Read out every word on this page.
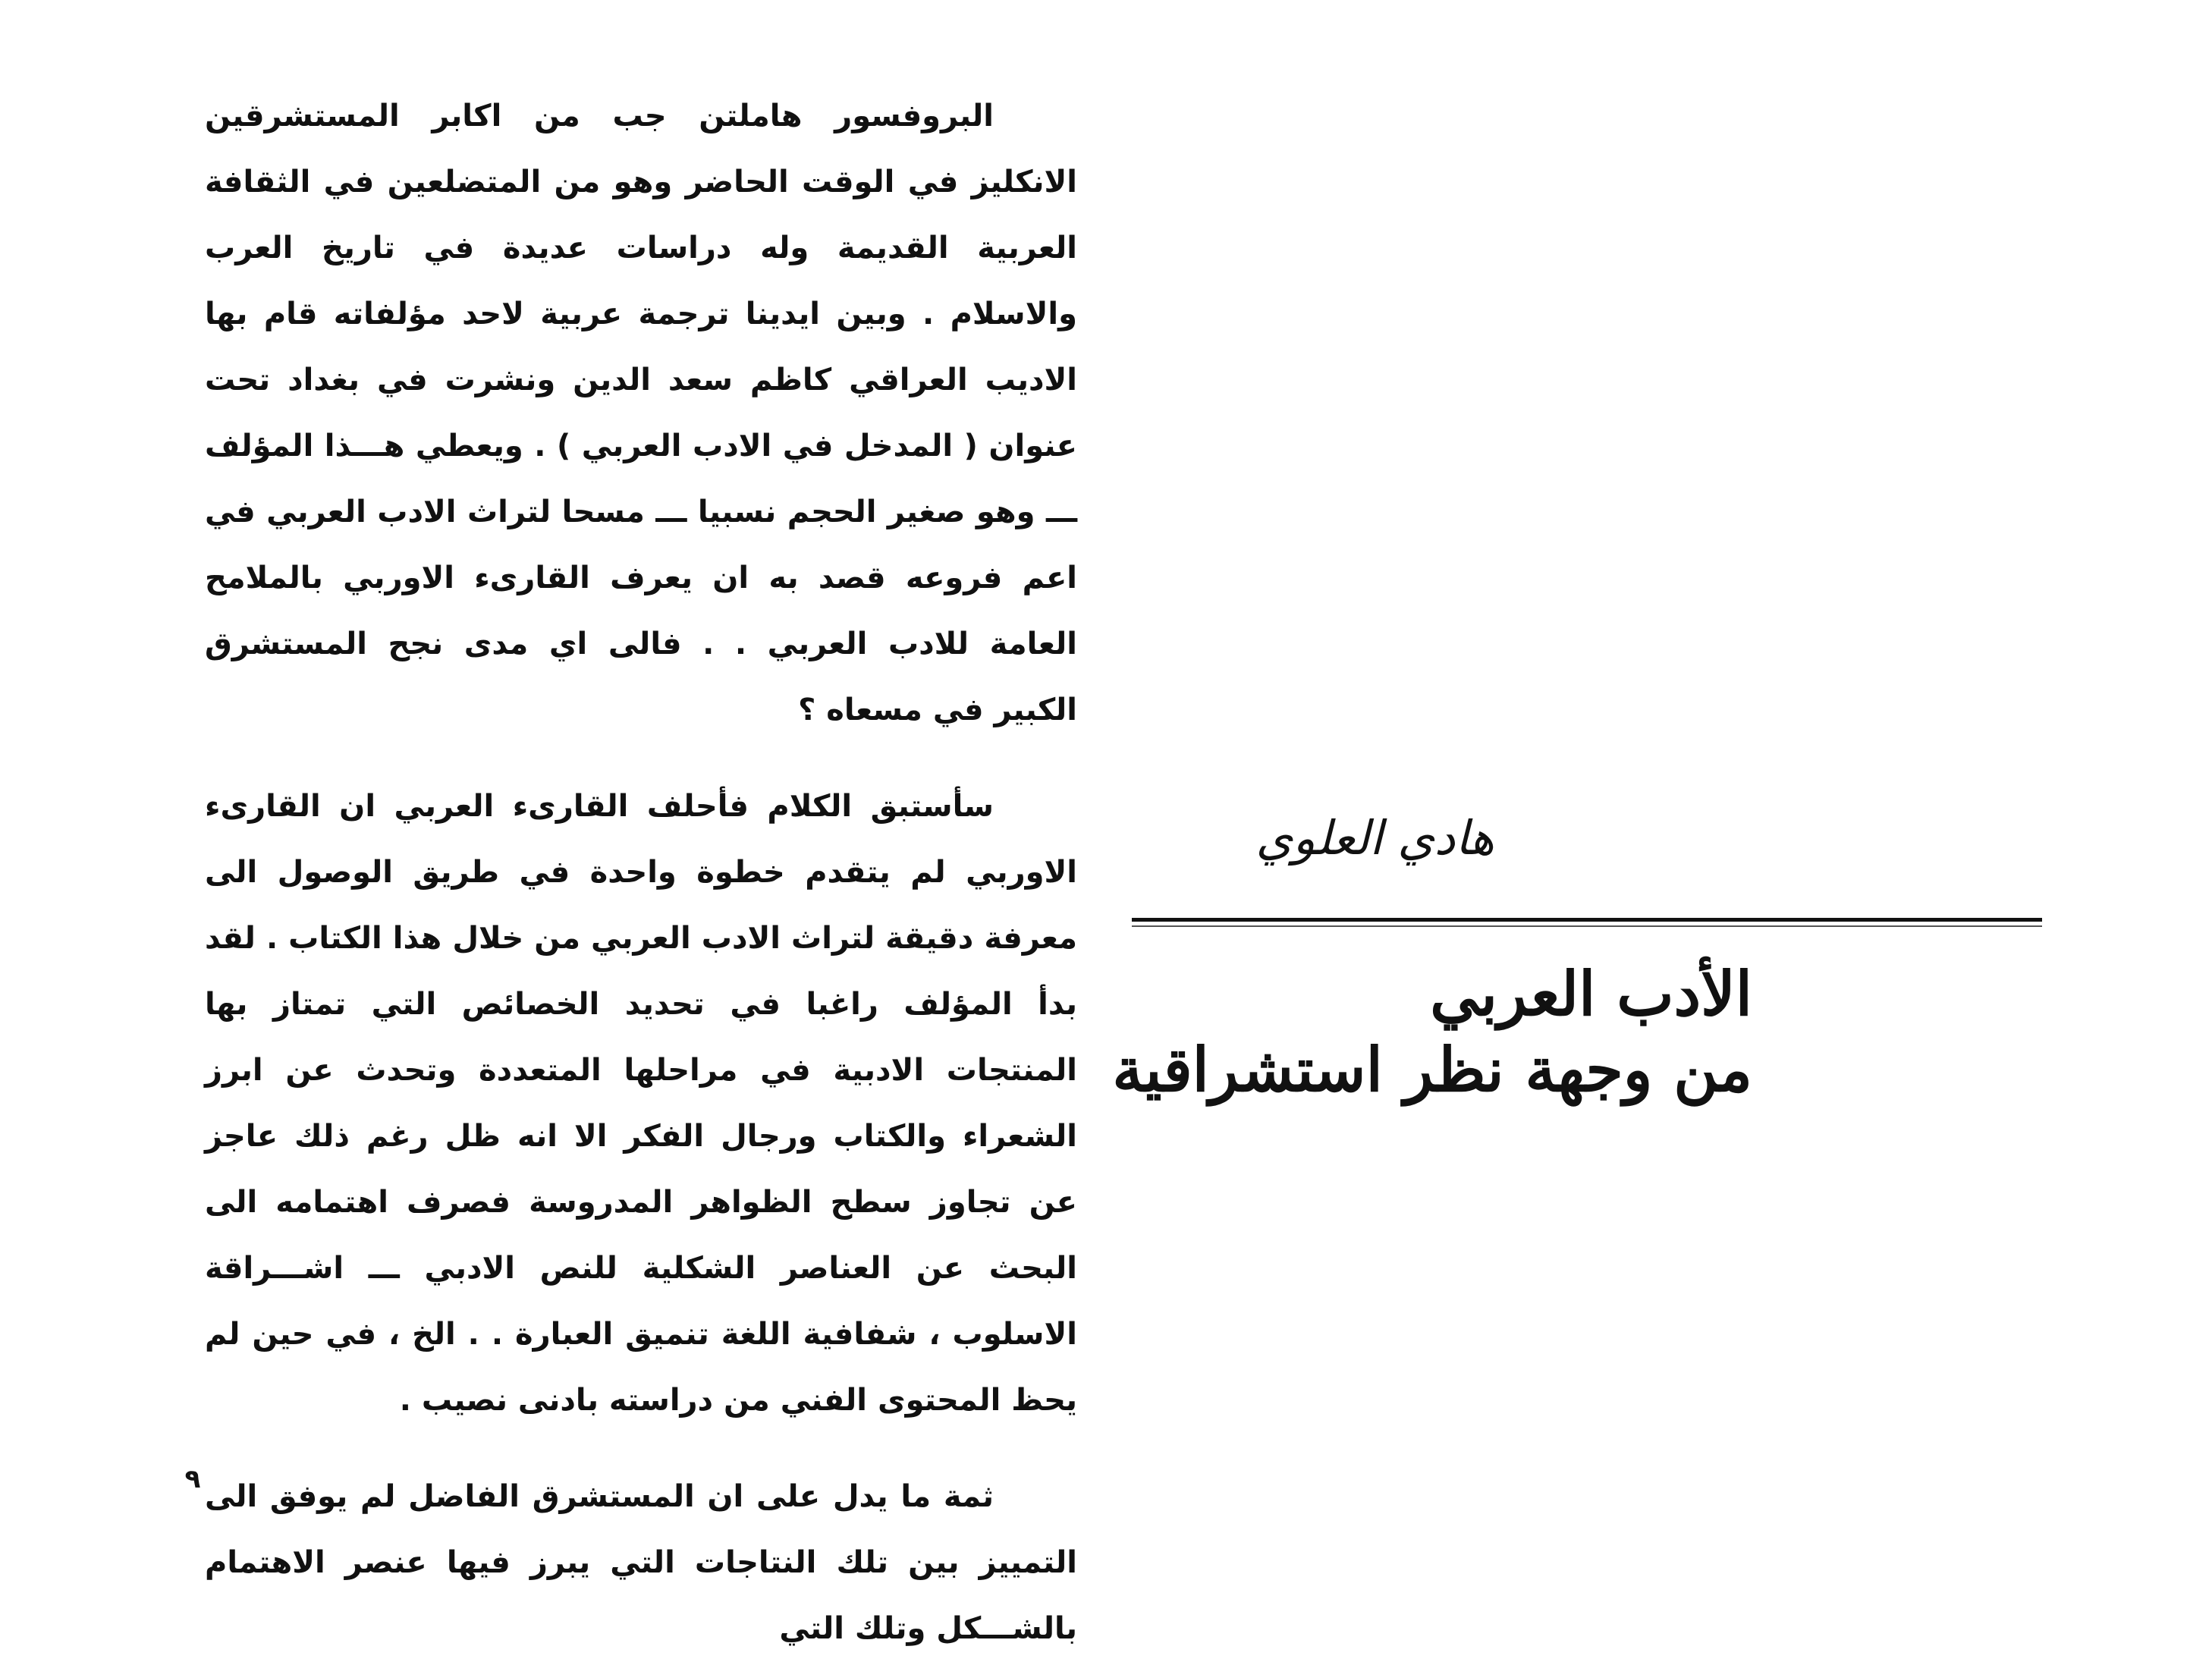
البروفسور هاملتن جب من اكابر المستشرقين الانكليز في الوقت الحاضر وهو من المتضلعين في الثقافة العربية القديمة وله دراسات عديدة في تاريخ العرب والاسلام . وبين ايدينا ترجمة عربية لاحد مؤلفاته قام بها الاديب العراقي كاظم سعد الدين ونشرت في بغداد تحت عنوان ( المدخل في الادب العربي ) . ويعطي هـــذا المؤلف ـــ وهو صغير الحجم نسبيا ـــ مسحا لتراث الادب العربي في اعم فروعه قصد به ان يعرف القارىء الاوربي بالملامح العامة للادب العربي . . فالى اي مدى نجح المستشرق الكبير في مسعاه ؟

سأستبق الكلام فأحلف القارىء العربي ان القارىء الاوربي لم يتقدم خطوة واحدة في طريق الوصول الى معرفة دقيقة لتراث الادب العربي من خلال هذا الكتاب . لقد بدأ المؤلف راغبا في تحديد الخصائص التي تمتاز بها المنتجات الادبية في مراحلها المتعددة وتحدث عن ابرز الشعراء والكتاب ورجال الفكر الا انه ظل رغم ذلك عاجز عن تجاوز سطح الظواهر المدروسة فصرف اهتمامه الى البحث عن العناصر الشكلية للنص الادبي ـــ اشـــراقة الاسلوب ، شفافية اللغة تنميق العبارة . . الخ ، في حين لم يحظ المحتوى الفني من دراسته بادنى نصيب .

ثمة ما يدل على ان المستشرق الفاضل لم يوفق الى التمييز بين تلك النتاجات التي يبرز فيها عنصر الاهتمام بالشـــكل وتلك التي

هادي العلوي
الأدب العربي
من وجهة نظر استشراقية
٩
